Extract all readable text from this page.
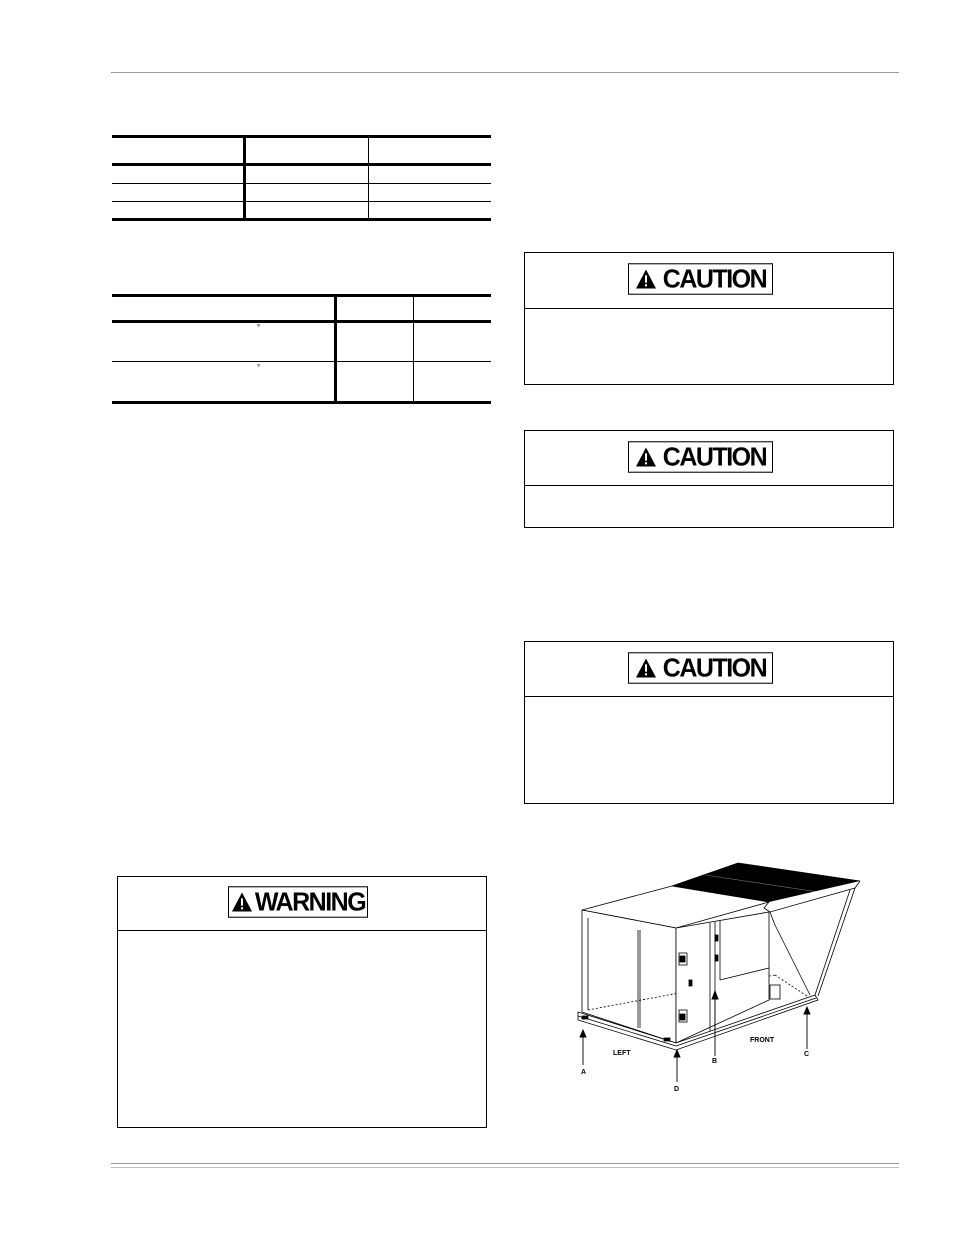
°
°
CAUTION
CAUTION
CAUTION
WARNING
A
D
B
C
LEFT
FRONT
